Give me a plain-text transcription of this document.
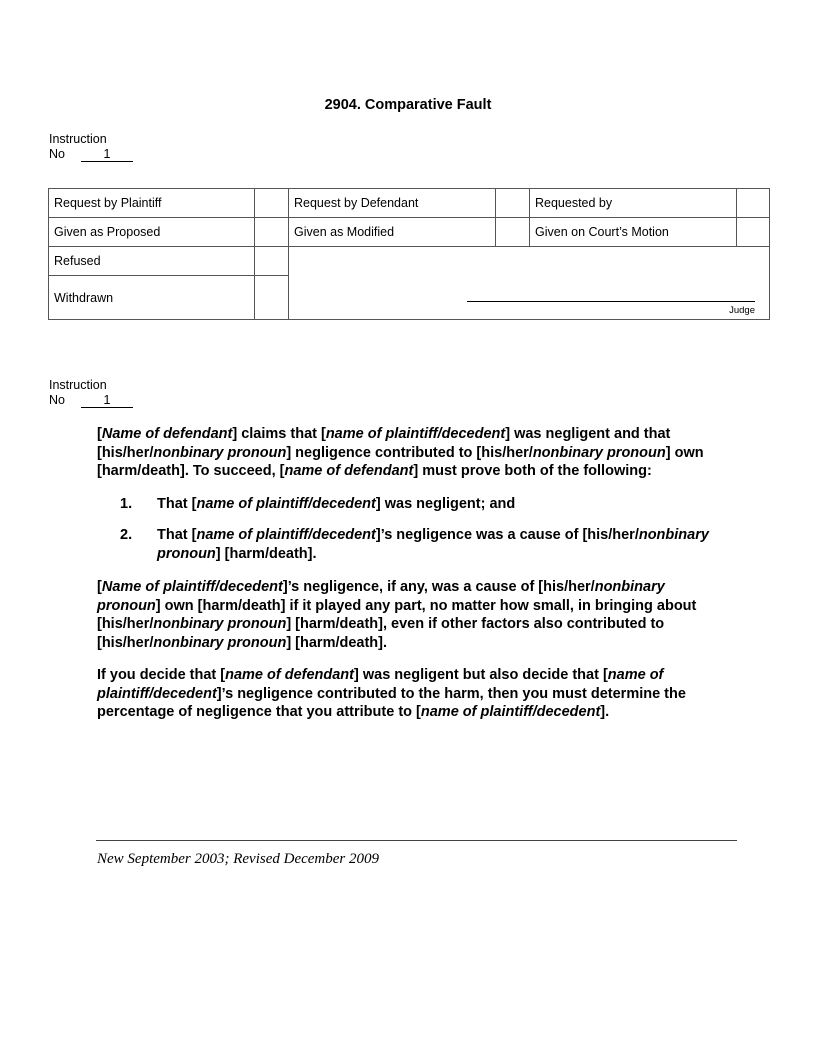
2904. Comparative Fault
Instruction
No	1
Request by Plaintiff		Request by Defendant		Requested by	
Given as Proposed		Given as Modified		Given on Court’s Motion	
Refused		Judge			

Withdrawn					
Instruction
No	1

[Name of defendant] claims that [name of plaintiff/decedent] was negligent and that [his/her/nonbinary pronoun] negligence contributed to [his/her/nonbinary pronoun] own [harm/death]. To succeed, [name of defendant] must prove both of the following:

1. That [name of plaintiff/decedent] was negligent; and
2. That [name of plaintiff/decedent]’s negligence was a cause of [his/her/nonbinary pronoun] [harm/death].

[Name of plaintiff/decedent]’s negligence, if any, was a cause of [his/her/nonbinary pronoun] own [harm/death] if it played any part, no matter how small, in bringing about [his/her/nonbinary pronoun] [harm/death], even if other factors also contributed to [his/her/nonbinary pronoun] [harm/death].

If you decide that [name of defendant] was negligent but also decide that [name of plaintiff/decedent]’s negligence contributed to the harm, then you must determine the percentage of negligence that you attribute to [name of plaintiff/decedent].

New September 2003; Revised December 2009
